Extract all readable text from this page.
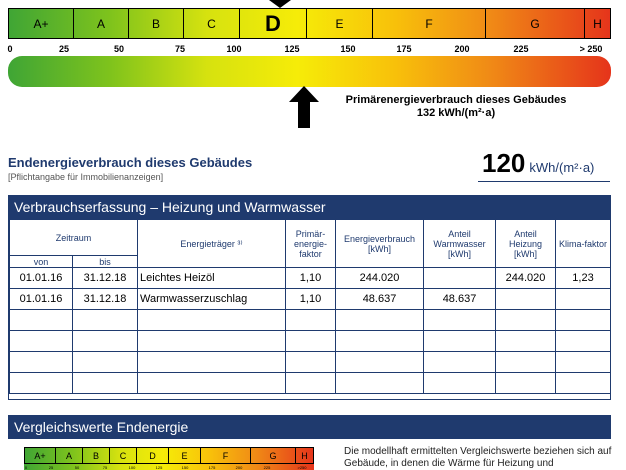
A+	A	B	C	D	E	F	G	H
0	25	50	75	100	125	150	175	200	225	> 250
Primärenergieverbrauch dieses Gebäudes
132 kWh/(m²·a)
Endenergieverbrauch dieses Gebäudes
[Pflichtangabe für Immobilienanzeigen]	120 kWh/(m²·a)
Verbrauchserfassung – Heizung und Warmwasser
Zeitraum		Energieträger ³⁾	Primär-energie-faktor	Energieverbrauch [kWh]	Anteil Warmwasser [kWh]	Anteil Heizung [kWh]	Klima-faktor
von	bis						
01.01.16	31.12.18	Leichtes Heizöl	1,10	244.020		244.020	1,23
01.01.16	31.12.18	Warmwasserzuschlag	1,10	48.637	48.637		

Vergleichswerte Endenergie
A+	A	B	C	D	E	F	G	H
0	25	50	75	100	125	150	175	200	225	>250
Die modellhaft ermittelten Vergleichswerte beziehen sich auf Gebäude, in denen die Wärme für Heizung und
